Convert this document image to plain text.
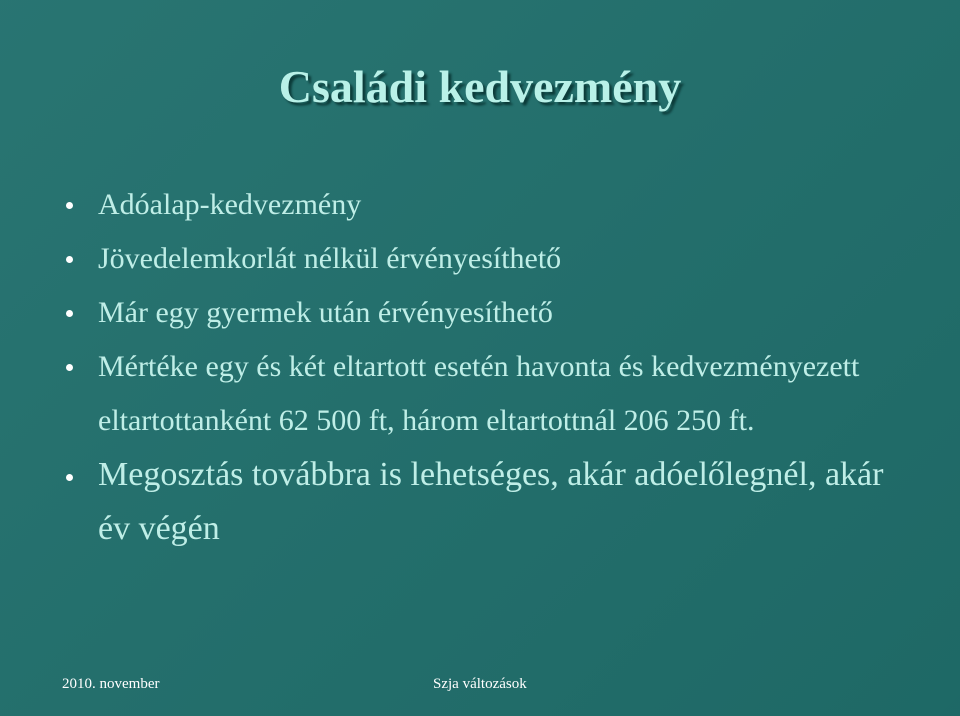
Családi kedvezmény
Adóalap-kedvezmény
Jövedelemkorlát nélkül érvényesíthető
Már egy gyermek után érvényesíthető
Mértéke egy és két eltartott esetén havonta és kedvezményezett eltartottanként 62 500 ft, három eltartottnál 206 250 ft.
Megosztás továbbra is lehetséges, akár adóelőlegnél, akár év végén
2010. november	Szja változások
